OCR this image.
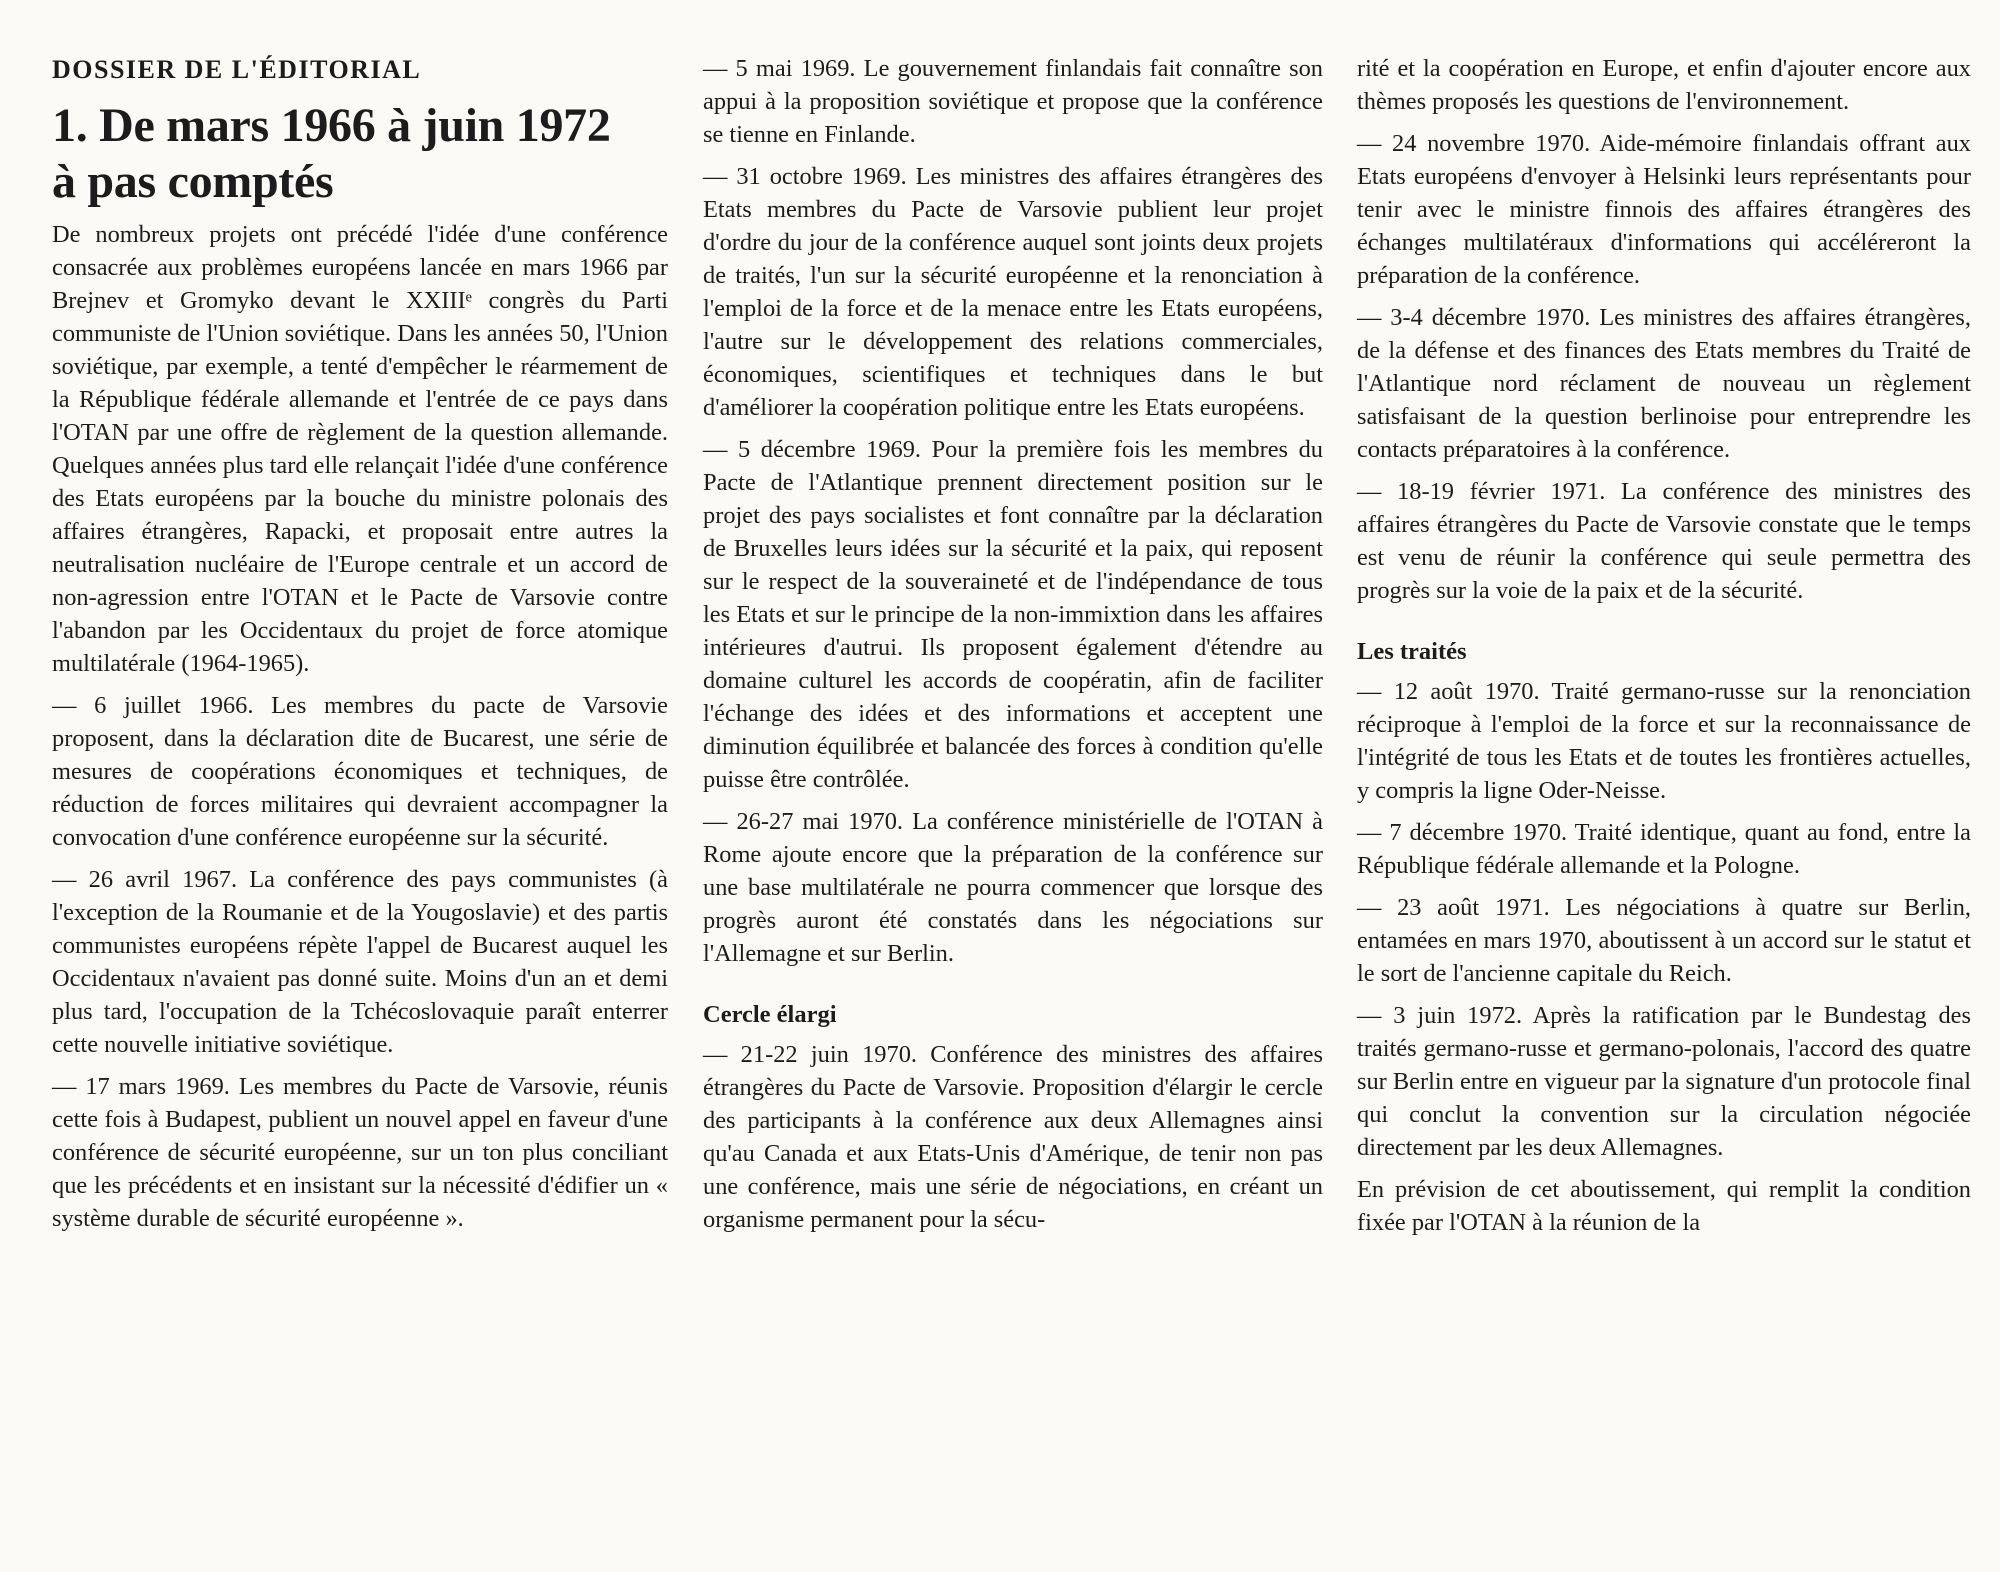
DOSSIER DE L'ÉDITORIAL
1. De mars 1966 à juin 1972
à pas comptés

De nombreux projets ont précédé l'idée d'une conférence consacrée aux problèmes européens lancée en mars 1966 par Brejnev et Gromyko devant le XXIIIᵉ congrès du Parti communiste de l'Union soviétique. Dans les années 50, l'Union soviétique, par exemple, a tenté d'empêcher le réarmement de la République fédérale allemande et l'entrée de ce pays dans l'OTAN par une offre de règlement de la question allemande. Quelques années plus tard elle relançait l'idée d'une conférence des Etats européens par la bouche du ministre polonais des affaires étrangères, Rapacki, et proposait entre autres la neutralisation nucléaire de l'Europe centrale et un accord de non-agression entre l'OTAN et le Pacte de Varsovie contre l'abandon par les Occidentaux du projet de force atomique multilatérale (1964-1965).

— 6 juillet 1966. Les membres du pacte de Varsovie proposent, dans la déclaration dite de Bucarest, une série de mesures de coopérations économiques et techniques, de réduction de forces militaires qui devraient accompagner la convocation d'une conférence européenne sur la sécurité.

— 26 avril 1967. La conférence des pays communistes (à l'exception de la Roumanie et de la Yougoslavie) et des partis communistes européens répète l'appel de Bucarest auquel les Occidentaux n'avaient pas donné suite. Moins d'un an et demi plus tard, l'occupation de la Tchécoslovaquie paraît enterrer cette nouvelle initiative soviétique.

— 17 mars 1969. Les membres du Pacte de Varsovie, réunis cette fois à Budapest, publient un nouvel appel en faveur d'une conférence de sécurité européenne, sur un ton plus conciliant que les précédents et en insistant sur la nécessité d'édifier un « système durable de sécurité européenne ».

— 5 mai 1969. Le gouvernement finlandais fait connaître son appui à la proposition soviétique et propose que la conférence se tienne en Finlande.

— 31 octobre 1969. Les ministres des affaires étrangères des Etats membres du Pacte de Varsovie publient leur projet d'ordre du jour de la conférence auquel sont joints deux projets de traités, l'un sur la sécurité européenne et la renonciation à l'emploi de la force et de la menace entre les Etats européens, l'autre sur le développement des relations commerciales, économiques, scientifiques et techniques dans le but d'améliorer la coopération politique entre les Etats européens.

— 5 décembre 1969. Pour la première fois les membres du Pacte de l'Atlantique prennent directement position sur le projet des pays socialistes et font connaître par la déclaration de Bruxelles leurs idées sur la sécurité et la paix, qui reposent sur le respect de la souveraineté et de l'indépendance de tous les Etats et sur le principe de la non-immixtion dans les affaires intérieures d'autrui. Ils proposent également d'étendre au domaine culturel les accords de coopératin, afin de faciliter l'échange des idées et des informations et acceptent une diminution équilibrée et balancée des forces à condition qu'elle puisse être contrôlée.

— 26-27 mai 1970. La conférence ministérielle de l'OTAN à Rome ajoute encore que la préparation de la conférence sur une base multilatérale ne pourra commencer que lorsque des progrès auront été constatés dans les négociations sur l'Allemagne et sur Berlin.

Cercle élargi

— 21-22 juin 1970. Conférence des ministres des affaires étrangères du Pacte de Varsovie. Proposition d'élargir le cercle des participants à la conférence aux deux Allemagnes ainsi qu'au Canada et aux Etats-Unis d'Amérique, de tenir non pas une conférence, mais une série de négociations, en créant un organisme permanent pour la sécu-

rité et la coopération en Europe, et enfin d'ajouter encore aux thèmes proposés les questions de l'environnement.

— 24 novembre 1970. Aide-mémoire finlandais offrant aux Etats européens d'envoyer à Helsinki leurs représentants pour tenir avec le ministre finnois des affaires étrangères des échanges multilatéraux d'informations qui accéléreront la préparation de la conférence.

— 3-4 décembre 1970. Les ministres des affaires étrangères, de la défense et des finances des Etats membres du Traité de l'Atlantique nord réclament de nouveau un règlement satisfaisant de la question berlinoise pour entreprendre les contacts préparatoires à la conférence.

— 18-19 février 1971. La conférence des ministres des affaires étrangères du Pacte de Varsovie constate que le temps est venu de réunir la conférence qui seule permettra des progrès sur la voie de la paix et de la sécurité.

Les traités

— 12 août 1970. Traité germano-russe sur la renonciation réciproque à l'emploi de la force et sur la reconnaissance de l'intégrité de tous les Etats et de toutes les frontières actuelles, y compris la ligne Oder-Neisse.

— 7 décembre 1970. Traité identique, quant au fond, entre la République fédérale allemande et la Pologne.

— 23 août 1971. Les négociations à quatre sur Berlin, entamées en mars 1970, aboutissent à un accord sur le statut et le sort de l'ancienne capitale du Reich.

— 3 juin 1972. Après la ratification par le Bundestag des traités germano-russe et germano-polonais, l'accord des quatre sur Berlin entre en vigueur par la signature d'un protocole final qui conclut la convention sur la circulation négociée directement par les deux Allemagnes.

En prévision de cet aboutissement, qui remplit la condition fixée par l'OTAN à la réunion de la
